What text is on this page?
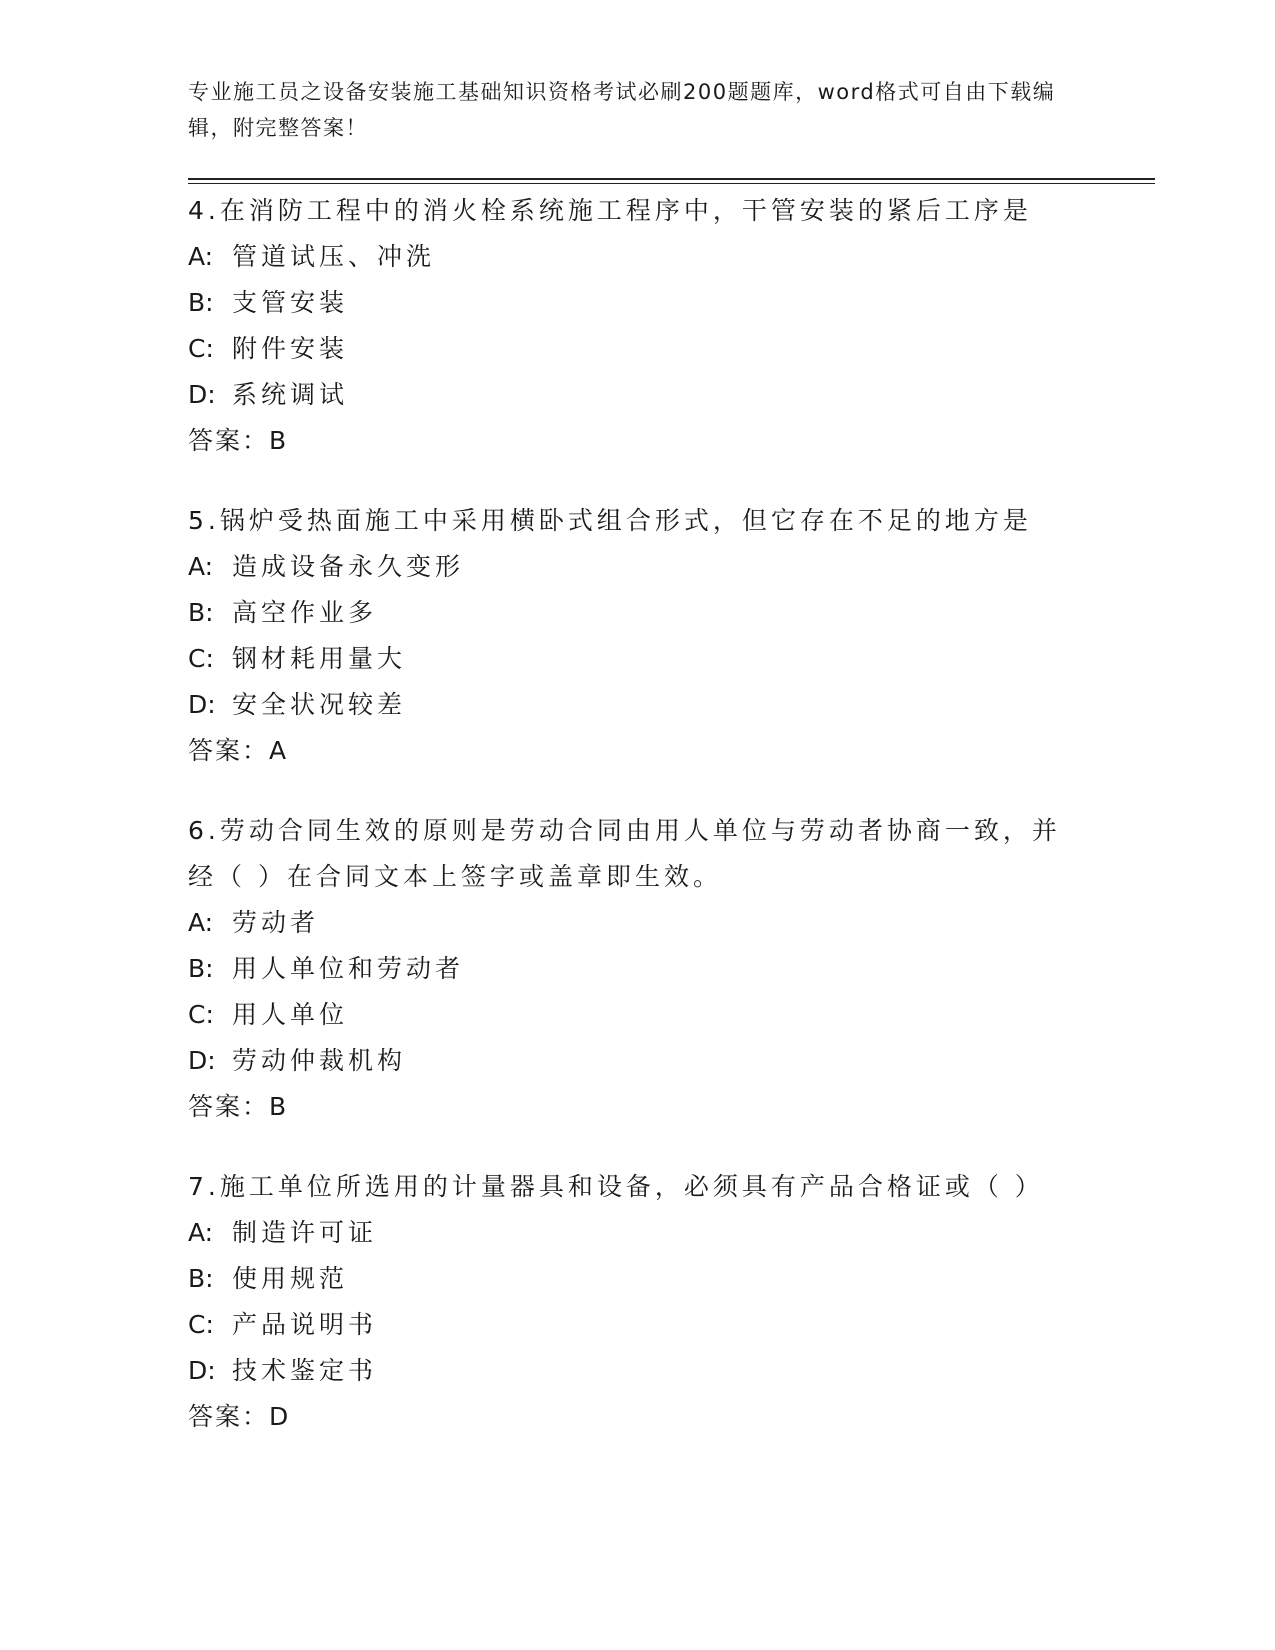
专业施工员之设备安装施工基础知识资格考试必刷200题题库，word格式可自由下载编辑，附完整答案！
4.在消防工程中的消火栓系统施工程序中，干管安装的紧后工序是
A: 管道试压、冲洗
B: 支管安装
C: 附件安装
D: 系统调试
答案：B
5.锅炉受热面施工中采用横卧式组合形式，但它存在不足的地方是
A: 造成设备永久变形
B: 高空作业多
C: 钢材耗用量大
D: 安全状况较差
答案：A
6.劳动合同生效的原则是劳动合同由用人单位与劳动者协商一致，并经（ ）在合同文本上签字或盖章即生效。
A: 劳动者
B: 用人单位和劳动者
C: 用人单位
D: 劳动仲裁机构
答案：B
7.施工单位所选用的计量器具和设备，必须具有产品合格证或（ ）
A: 制造许可证
B: 使用规范
C: 产品说明书
D: 技术鉴定书
答案：D
